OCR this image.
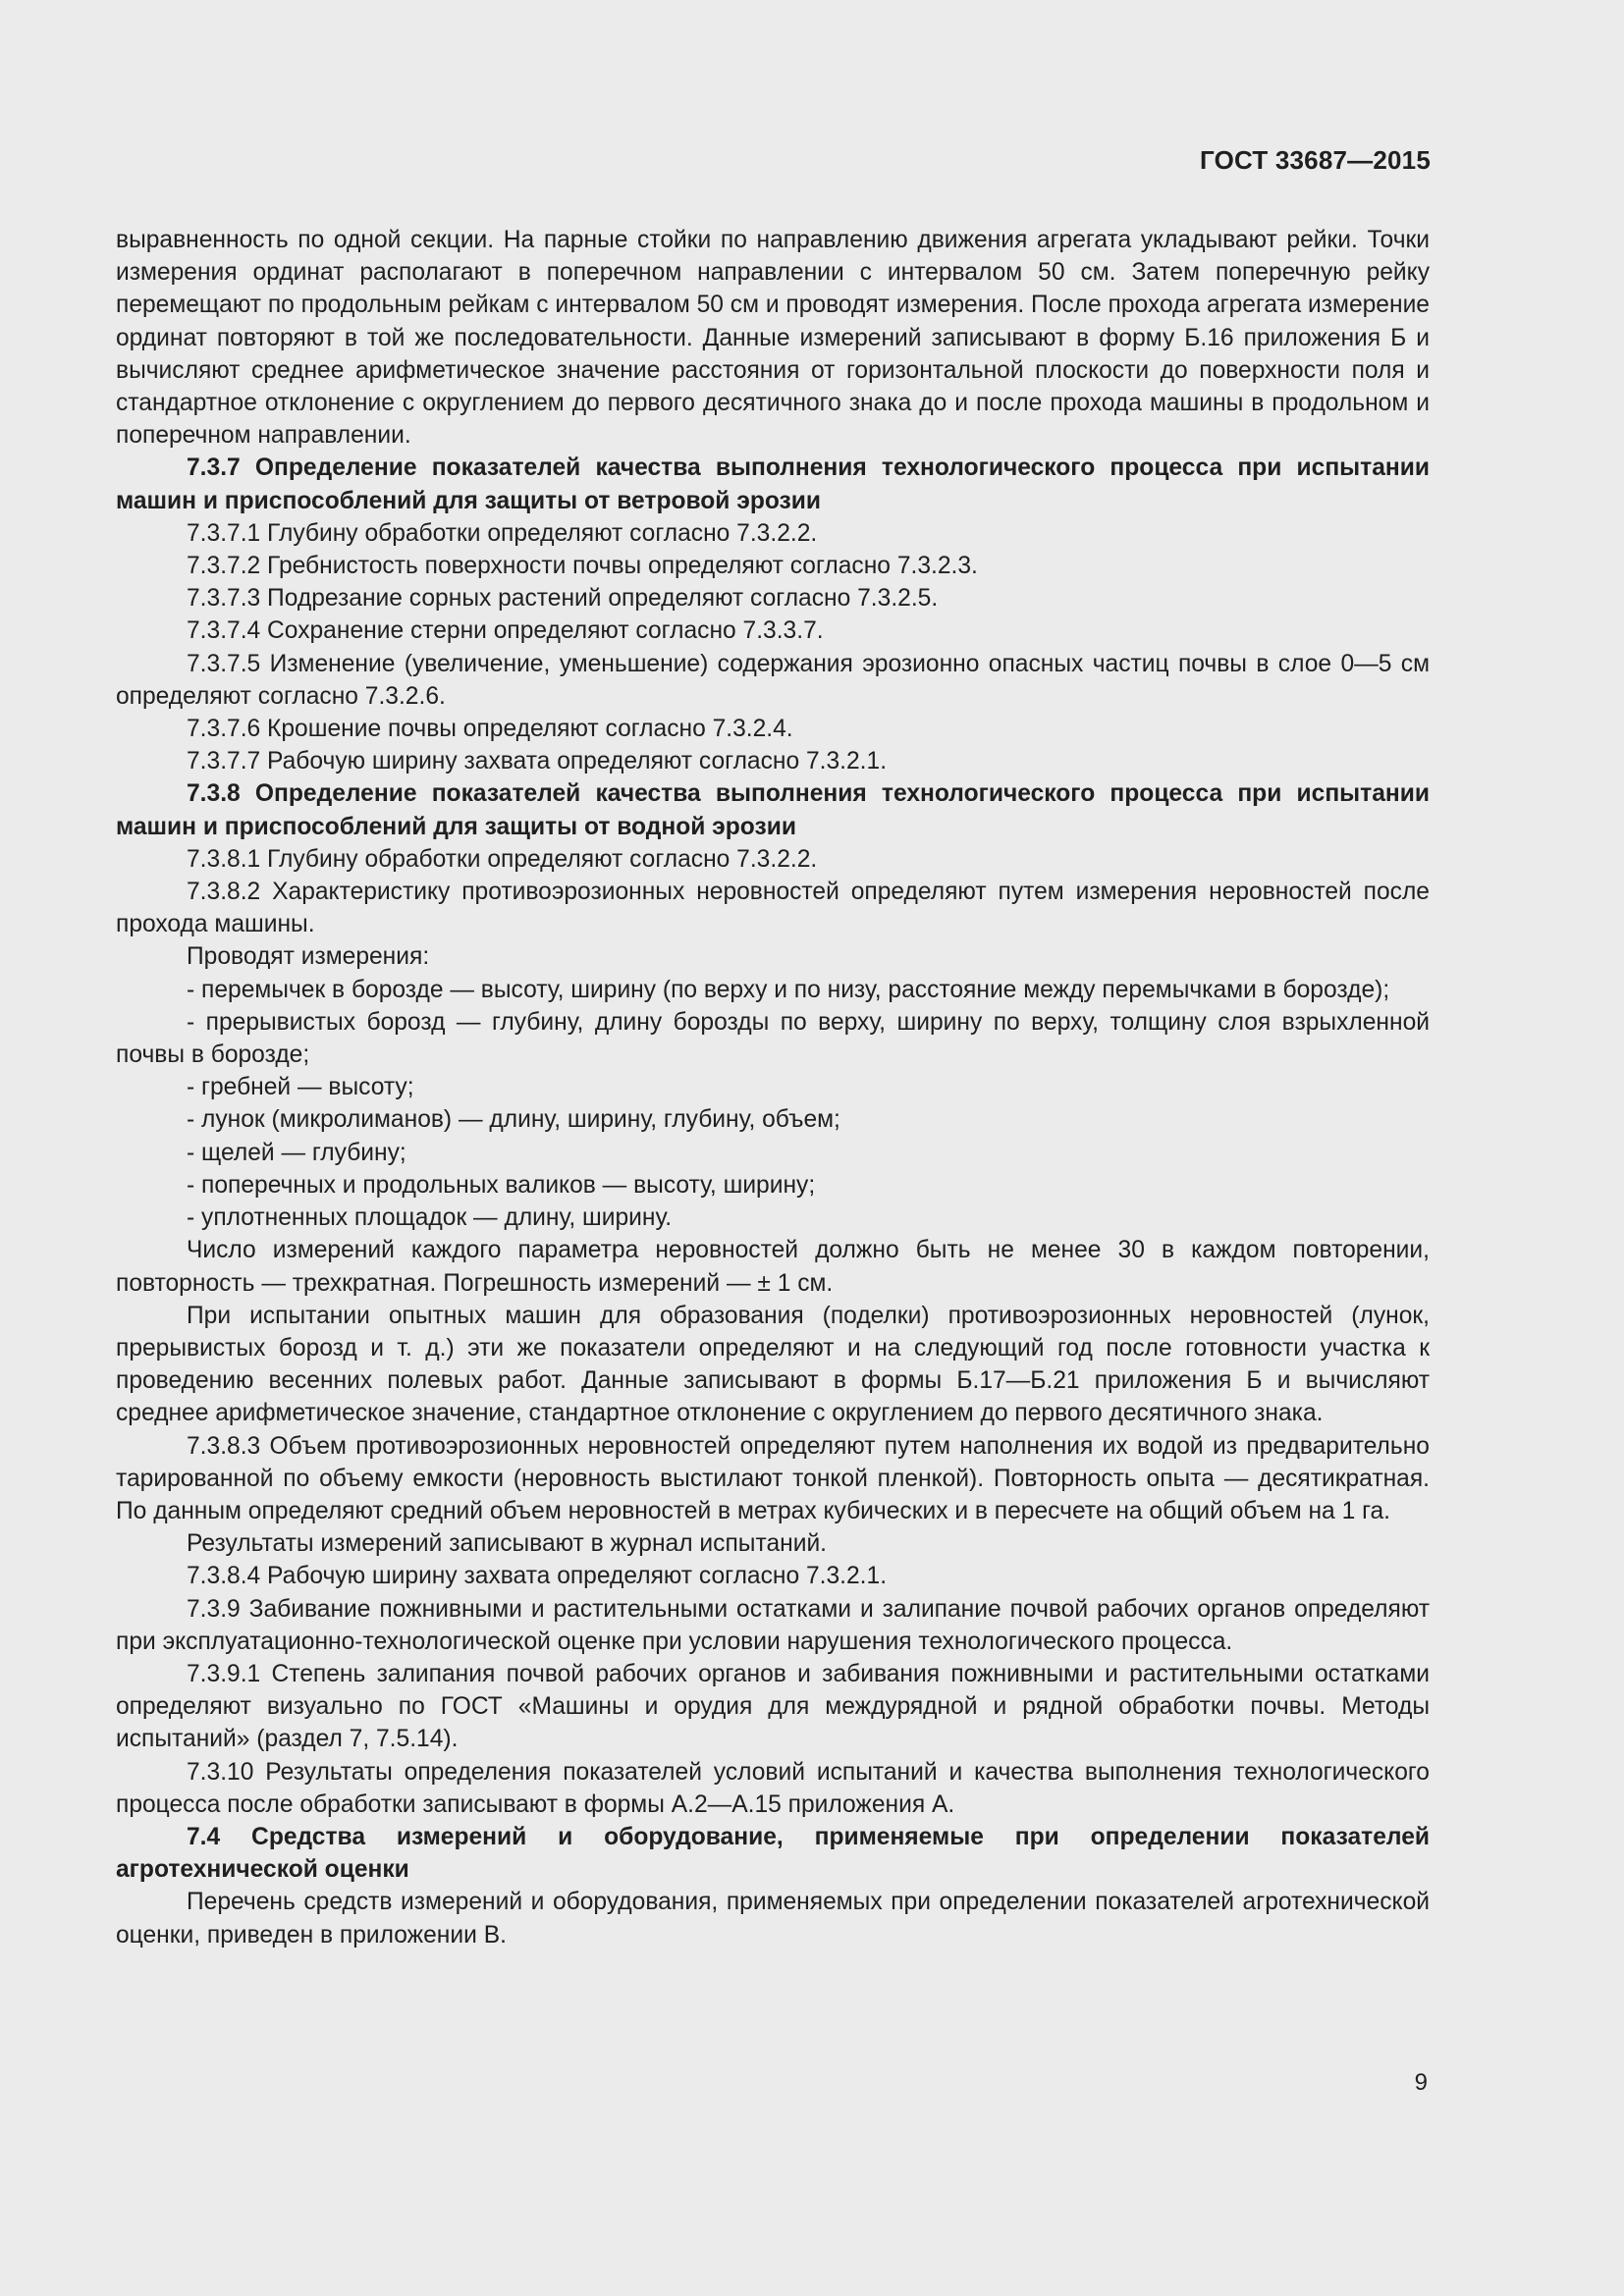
ГОСТ 33687—2015

выравненность по одной секции. На парные стойки по направлению движения агрегата укладывают рейки. Точки измерения ординат располагают в поперечном направлении с интервалом 50 см. Затем поперечную рейку перемещают по продольным рейкам с интервалом 50 см и проводят измерения. После прохода агрегата измерение ординат повторяют в той же последовательности. Данные измерений записывают в форму Б.16 приложения Б и вычисляют среднее арифметическое значение расстояния от горизонтальной плоскости до поверхности поля и стандартное отклонение с округлением до первого десятичного знака до и после прохода машины в продольном и поперечном направлении.

7.3.7 Определение показателей качества выполнения технологического процесса при испытании машин и приспособлений для защиты от ветровой эрозии

7.3.7.1 Глубину обработки определяют согласно 7.3.2.2.

7.3.7.2 Гребнистость поверхности почвы определяют согласно 7.3.2.3.

7.3.7.3 Подрезание сорных растений определяют согласно 7.3.2.5.

7.3.7.4 Сохранение стерни определяют согласно 7.3.3.7.

7.3.7.5 Изменение (увеличение, уменьшение) содержания эрозионно опасных частиц почвы в слое 0—5 см определяют согласно 7.3.2.6.

7.3.7.6 Крошение почвы определяют согласно 7.3.2.4.

7.3.7.7 Рабочую ширину захвата определяют согласно 7.3.2.1.

7.3.8 Определение показателей качества выполнения технологического процесса при испытании машин и приспособлений для защиты от водной эрозии

7.3.8.1 Глубину обработки определяют согласно 7.3.2.2.

7.3.8.2 Характеристику противоэрозионных неровностей определяют путем измерения неровностей после прохода машины.

Проводят измерения:

- перемычек в борозде — высоту, ширину (по верху и по низу, расстояние между перемычками в борозде);

- прерывистых борозд — глубину, длину борозды по верху, ширину по верху, толщину слоя взрыхленной почвы в борозде;

- гребней — высоту;

- лунок (микролиманов) — длину, ширину, глубину, объем;

- щелей — глубину;

- поперечных и продольных валиков — высоту, ширину;

- уплотненных площадок — длину, ширину.

Число измерений каждого параметра неровностей должно быть не менее 30 в каждом повторении, повторность — трехкратная. Погрешность измерений — ± 1 см.

При испытании опытных машин для образования (поделки) противоэрозионных неровностей (лунок, прерывистых борозд и т. д.) эти же показатели определяют и на следующий год после готовности участка к проведению весенних полевых работ. Данные записывают в формы Б.17—Б.21 приложения Б и вычисляют среднее арифметическое значение, стандартное отклонение с округлением до первого десятичного знака.

7.3.8.3 Объем противоэрозионных неровностей определяют путем наполнения их водой из предварительно тарированной по объему емкости (неровность выстилают тонкой пленкой). Повторность опыта — десятикратная. По данным определяют средний объем неровностей в метрах кубических и в пересчете на общий объем на 1 га.

Результаты измерений записывают в журнал испытаний.

7.3.8.4 Рабочую ширину захвата определяют согласно 7.3.2.1.

7.3.9 Забивание пожнивными и растительными остатками и залипание почвой рабочих органов определяют при эксплуатационно-технологической оценке при условии нарушения технологического процесса.

7.3.9.1 Степень залипания почвой рабочих органов и забивания пожнивными и растительными остатками определяют визуально по ГОСТ «Машины и орудия для междурядной и рядной обработки почвы. Методы испытаний» (раздел 7, 7.5.14).

7.3.10 Результаты определения показателей условий испытаний и качества выполнения технологического процесса после обработки записывают в формы А.2—А.15 приложения А.

7.4 Средства измерений и оборудование, применяемые при определении показателей агротехнической оценки

Перечень средств измерений и оборудования, применяемых при определении показателей агротехнической оценки, приведен в приложении В.

9
